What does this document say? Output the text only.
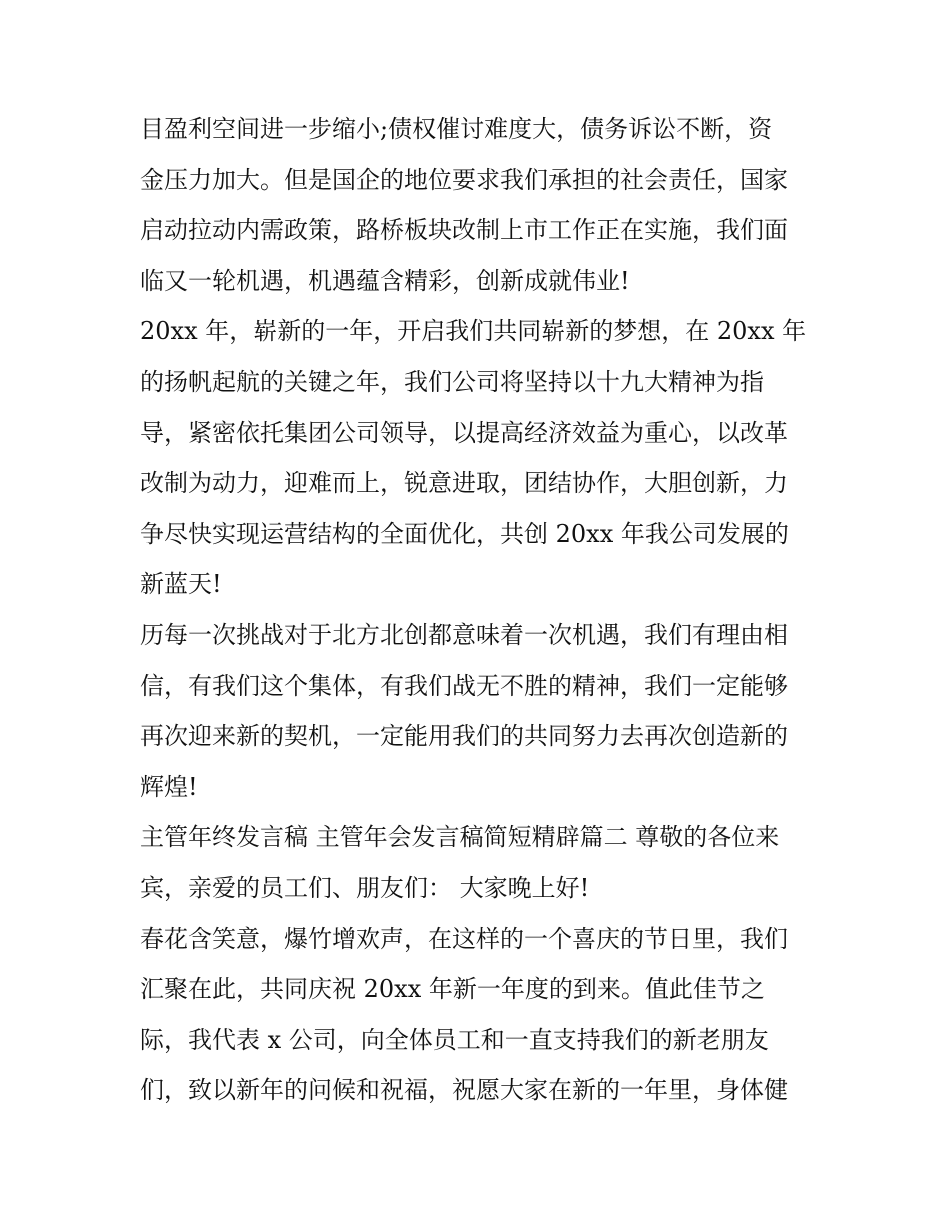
目盈利空间进一步缩小;债权催讨难度大，债务诉讼不断，资
金压力加大。但是国企的地位要求我们承担的社会责任，国家
启动拉动内需政策，路桥板块改制上市工作正在实施，我们面
临又一轮机遇，机遇蕴含精彩，创新成就伟业!
20xx 年，崭新的一年，开启我们共同崭新的梦想，在 20xx 年
的扬帆起航的关键之年，我们公司将坚持以十九大精神为指
导，紧密依托集团公司领导，以提高经济效益为重心，以改革
改制为动力，迎难而上，锐意进取，团结协作，大胆创新，力
争尽快实现运营结构的全面优化，共创 20xx 年我公司发展的
新蓝天!
历每一次挑战对于北方北创都意味着一次机遇，我们有理由相
信，有我们这个集体，有我们战无不胜的精神，我们一定能够
再次迎来新的契机，一定能用我们的共同努力去再次创造新的
辉煌!
主管年终发言稿 主管年会发言稿简短精辟篇二 尊敬的各位来
宾，亲爱的员工们、朋友们： 大家晚上好!
春花含笑意，爆竹增欢声，在这样的一个喜庆的节日里，我们
汇聚在此，共同庆祝 20xx 年新一年度的到来。值此佳节之
际，我代表 x 公司，向全体员工和一直支持我们的新老朋友
们，致以新年的问候和祝福，祝愿大家在新的一年里，身体健
